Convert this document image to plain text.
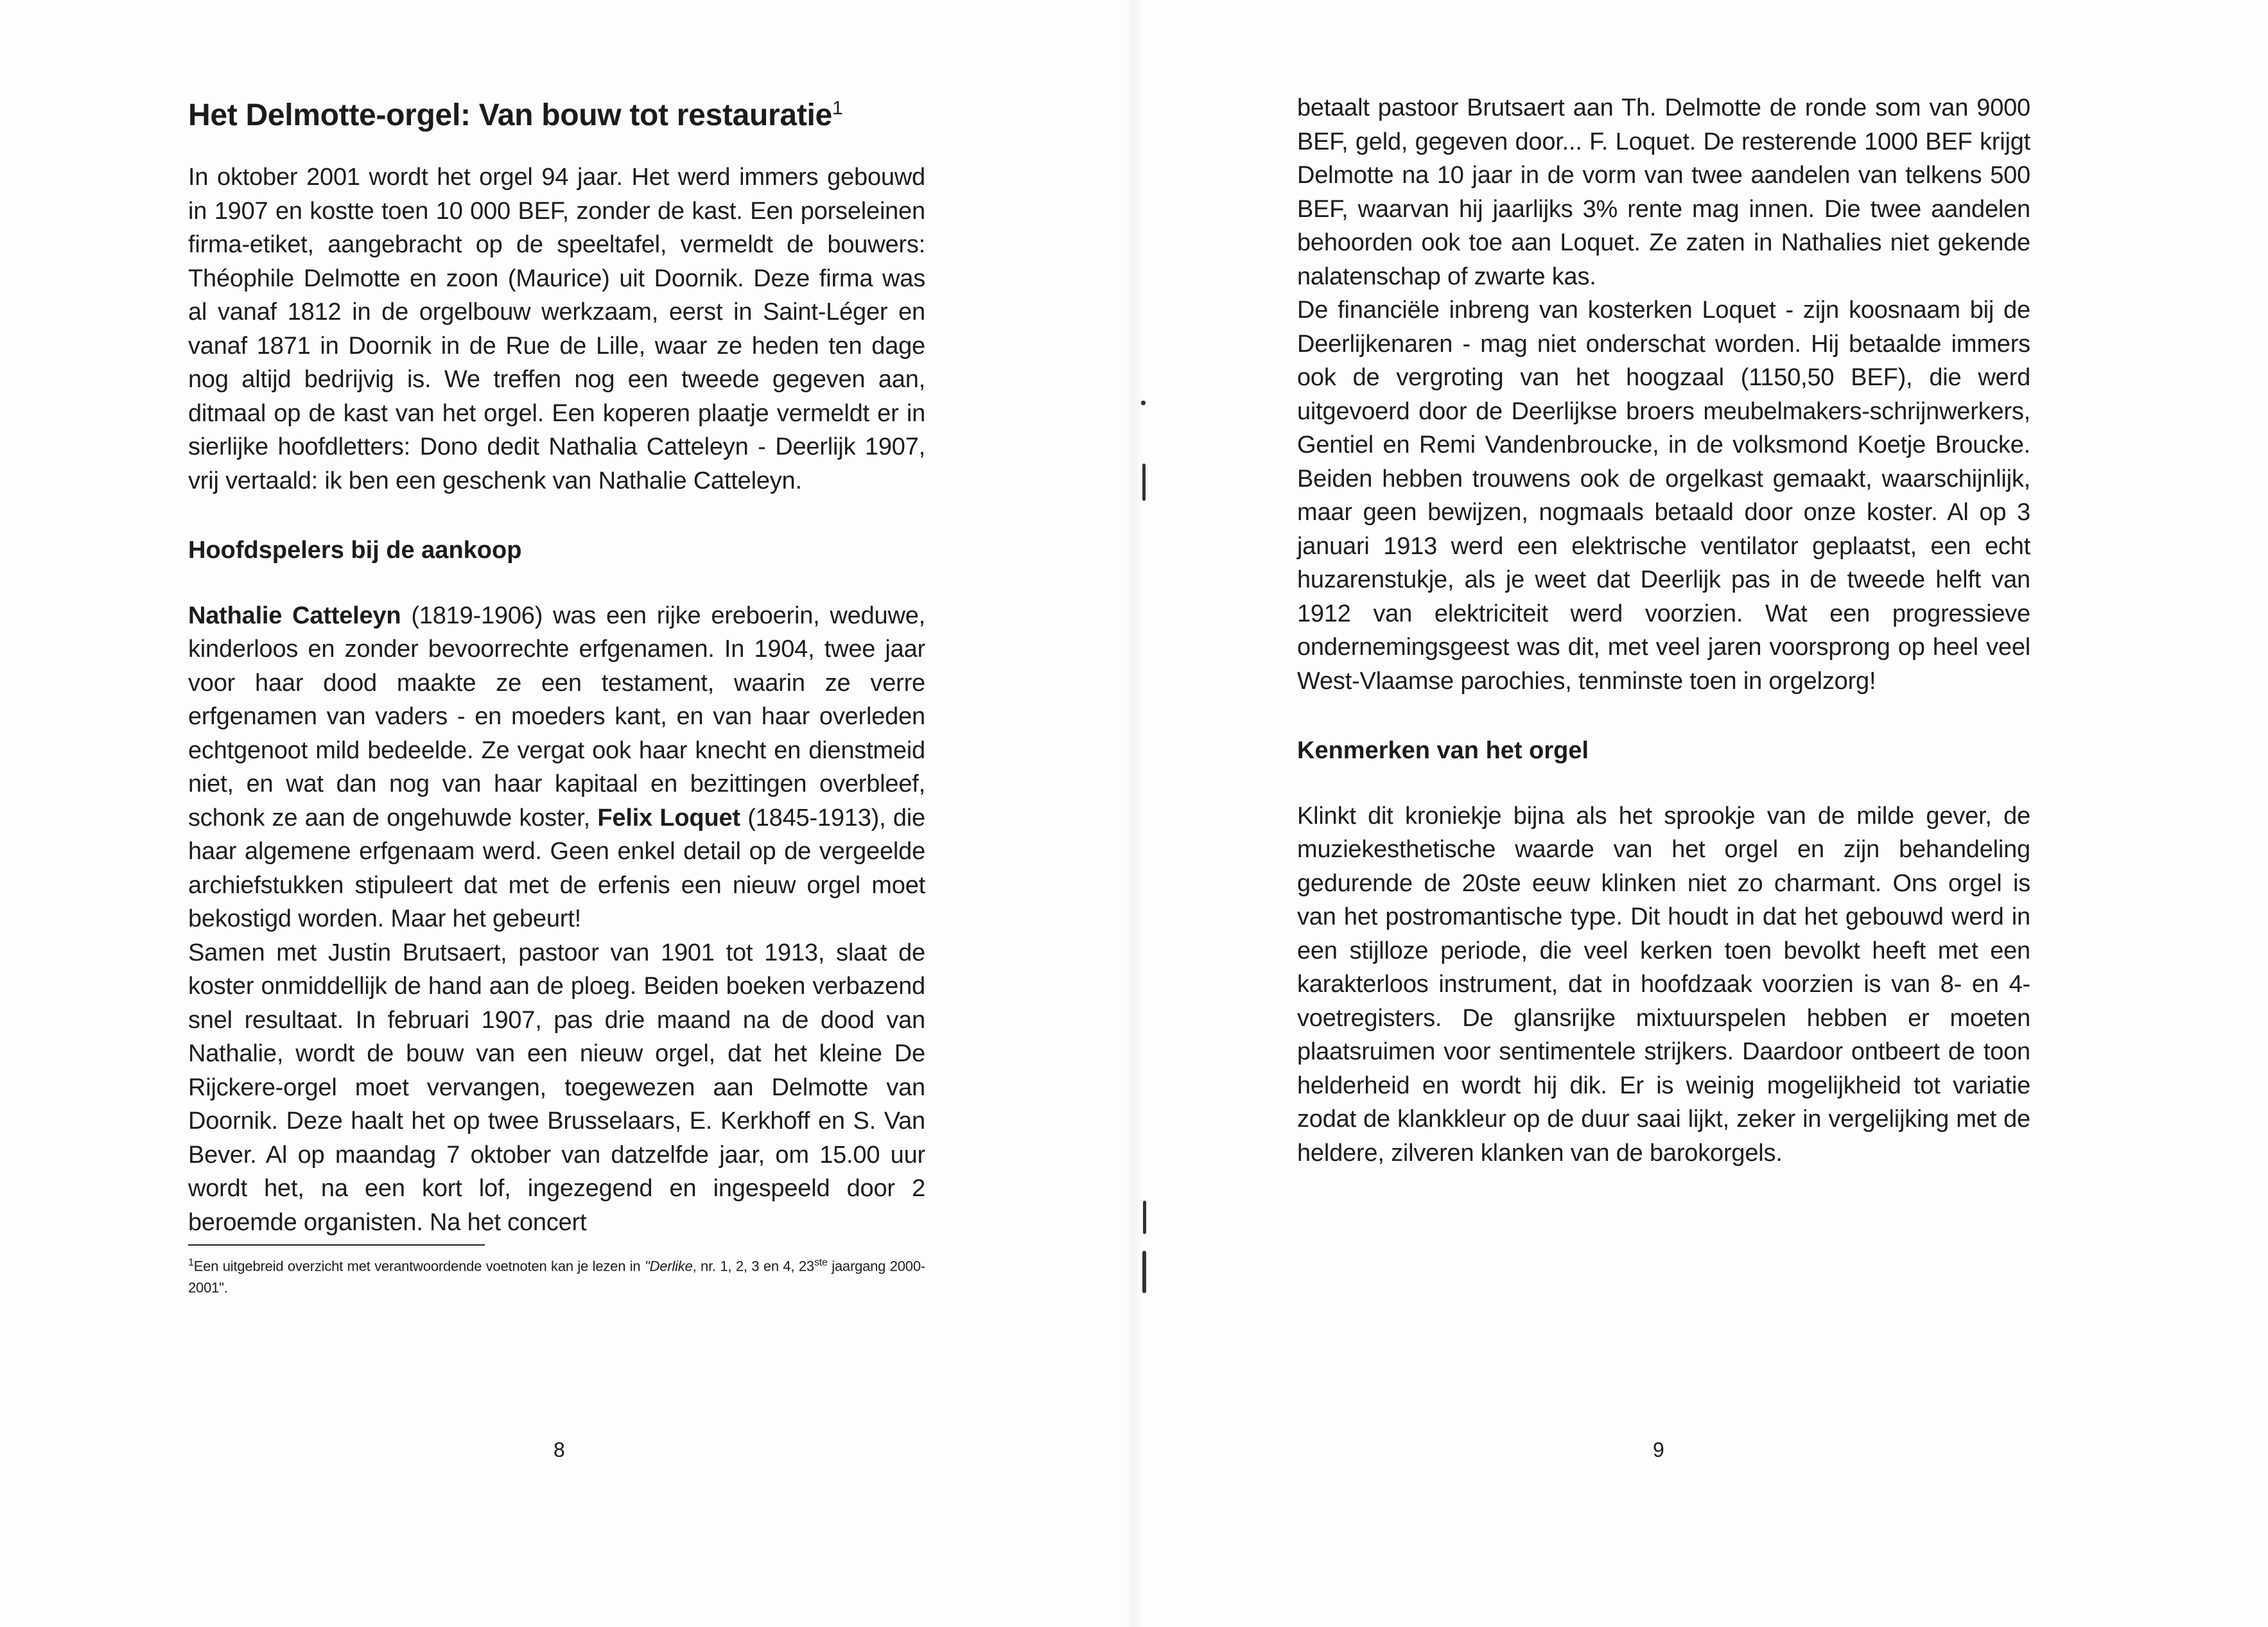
Het Delmotte-orgel: Van bouw tot restauratie$^1$

In oktober 2001 wordt het orgel 94 jaar. Het werd immers gebouwd in 1907 en kostte toen 10 000 BEF, zonder de kast. Een porseleinen firma-etiket, aangebracht op de speeltafel, vermeldt de bouwers: Théophile Delmotte en zoon (Maurice) uit Doornik. Deze firma was al vanaf 1812 in de orgelbouw werkzaam, eerst in Saint-Léger en vanaf 1871 in Doornik in de Rue de Lille, waar ze heden ten dage nog altijd bedrijvig is. We treffen nog een tweede gegeven aan, ditmaal op de kast van het orgel. Een koperen plaatje vermeldt er in sierlijke hoofdletters: Dono dedit Nathalia Catteleyn - Deerlijk 1907, vrij vertaald: ik ben een geschenk van Nathalie Catteleyn.

Hoofdspelers bij de aankoop

Nathalie Catteleyn (1819-1906) was een rijke ereboerin, weduwe, kinderloos en zonder bevoorrechte erfgenamen. In 1904, twee jaar voor haar dood maakte ze een testament, waarin ze verre erfgenamen van vaders - en moeders kant, en van haar overleden echtgenoot mild bedeelde. Ze vergat ook haar knecht en dienstmeid niet, en wat dan nog van haar kapitaal en bezittingen overbleef, schonk ze aan de ongehuwde koster, Felix Loquet (1845-1913), die haar algemene erfgenaam werd. Geen enkel detail op de vergeelde archiefstukken stipuleert dat met de erfenis een nieuw orgel moet bekostigd worden. Maar het gebeurt!

Samen met Justin Brutsaert, pastoor van 1901 tot 1913, slaat de koster onmiddellijk de hand aan de ploeg. Beiden boeken verbazend snel resultaat. In februari 1907, pas drie maand na de dood van Nathalie, wordt de bouw van een nieuw orgel, dat het kleine De Rijckere-orgel moet vervangen, toegewezen aan Delmotte van Doornik. Deze haalt het op twee Brusselaars, E. Kerkhoff en S. Van Bever. Al op maandag 7 oktober van datzelfde jaar, om 15.00 uur wordt het, na een kort lof, ingezegend en ingespeeld door 2 beroemde organisten. Na het concert

$^1$Een uitgebreid overzicht met verantwoordende voetnoten kan je lezen in "Derlike, nr. 1, 2, 3 en 4, 23ste jaargang 2000-2001".

8

betaalt pastoor Brutsaert aan Th. Delmotte de ronde som van 9000 BEF, geld, gegeven door... F. Loquet. De resterende 1000 BEF krijgt Delmotte na 10 jaar in de vorm van twee aandelen van telkens 500 BEF, waarvan hij jaarlijks 3% rente mag innen. Die twee aandelen behoorden ook toe aan Loquet. Ze zaten in Nathalies niet gekende nalatenschap of zwarte kas.

De financiële inbreng van kosterken Loquet - zijn koosnaam bij de Deerlijkenaren - mag niet onderschat worden. Hij betaalde immers ook de vergroting van het hoogzaal (1150,50 BEF), die werd uitgevoerd door de Deerlijkse broers meubelmakers-schrijnwerkers, Gentiel en Remi Vandenbroucke, in de volksmond Koetje Broucke. Beiden hebben trouwens ook de orgelkast gemaakt, waarschijnlijk, maar geen bewijzen, nogmaals betaald door onze koster. Al op 3 januari 1913 werd een elektrische ventilator geplaatst, een echt huzarenstukje, als je weet dat Deerlijk pas in de tweede helft van 1912 van elektriciteit werd voorzien. Wat een progressieve ondernemingsgeest was dit, met veel jaren voorsprong op heel veel West-Vlaamse parochies, tenminste toen in orgelzorg!

Kenmerken van het orgel

Klinkt dit kroniekje bijna als het sprookje van de milde gever, de muziekesthetische waarde van het orgel en zijn behandeling gedurende de 20ste eeuw klinken niet zo charmant. Ons orgel is van het postromantische type. Dit houdt in dat het gebouwd werd in een stijlloze periode, die veel kerken toen bevolkt heeft met een karakterloos instrument, dat in hoofdzaak voorzien is van 8- en 4-voetregisters. De glansrijke mixtuurspelen hebben er moeten plaatsruimen voor sentimentele strijkers. Daardoor ontbeert de toon helderheid en wordt hij dik. Er is weinig mogelijkheid tot variatie zodat de klankkleur op de duur saai lijkt, zeker in vergelijking met de heldere, zilveren klanken van de barokorgels.

9
